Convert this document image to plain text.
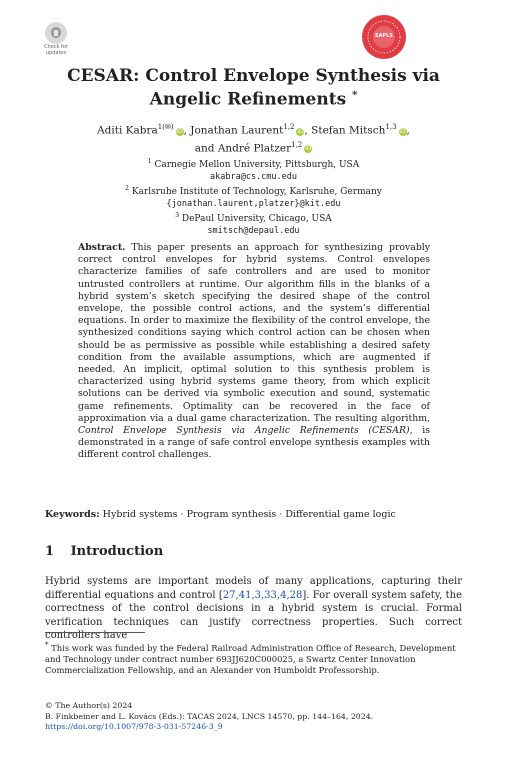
Check for
updates
EAPLS
CESAR: Control Envelope Synthesis via
Angelic Refinements *
Aditi Kabra$^{1(✉)}$ iD, Jonathan Laurent$^{1,2}$ iD, Stefan Mitsch$^{1,3}$ iD,
and André Platzer$^{1,2}$ iD
$^1$ Carnegie Mellon University, Pittsburgh, USA
akabra@cs.cmu.edu
$^2$ Karlsruhe Institute of Technology, Karlsruhe, Germany
{jonathan.laurent,platzer}@kit.edu
$^3$ DePaul University, Chicago, USA
smitsch@depaul.edu
Abstract. This paper presents an approach for synthesizing provably correct control envelopes for hybrid systems. Control envelopes characterize families of safe controllers and are used to monitor untrusted controllers at runtime. Our algorithm fills in the blanks of a hybrid system’s sketch specifying the desired shape of the control envelope, the possible control actions, and the system’s differential equations. In order to maximize the flexibility of the control envelope, the synthesized conditions saying which control action can be chosen when should be as permissive as possible while establishing a desired safety condition from the available assumptions, which are augmented if needed. An implicit, optimal solution to this synthesis problem is characterized using hybrid systems game theory, from which explicit solutions can be derived via symbolic execution and sound, systematic game refinements. Optimality can be recovered in the face of approximation via a dual game characterization. The resulting algorithm, Control Envelope Synthesis via Angelic Refinements (CESAR), is demonstrated in a range of safe control envelope synthesis examples with different control challenges.
Keywords: Hybrid systems · Program synthesis · Differential game logic
1 Introduction
Hybrid systems are important models of many applications, capturing their differential equations and control [27,41,3,33,4,28]. For overall system safety, the correctness of the control decisions in a hybrid system is crucial. Formal verification techniques can justify correctness properties. Such correct controllers have
* This work was funded by the Federal Railroad Administration Office of Research, Development and Technology under contract number 693JJ620C000025, a Swartz Center Innovation Commercialization Fellowship, and an Alexander von Humboldt Professorship.
© The Author(s) 2024
B. Finkbeiner and L. Kovács (Eds.): TACAS 2024, LNCS 14570, pp. 144–164, 2024.
https://doi.org/10.1007/978-3-031-57246-3_9
